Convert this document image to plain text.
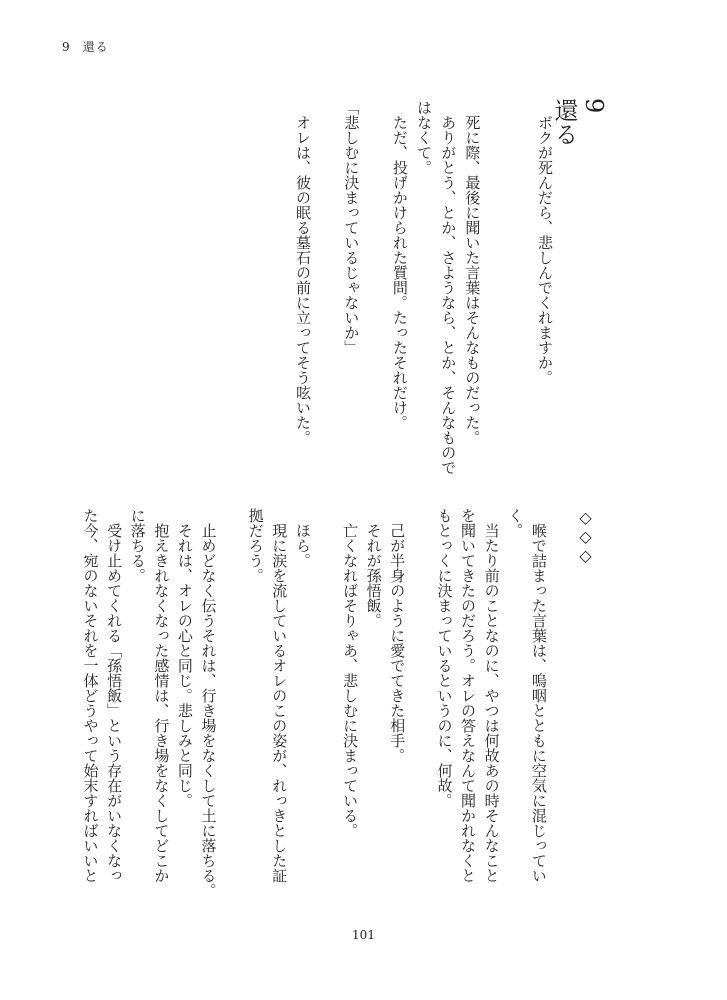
9 還る
9
還る
　ボクが死んだら、悲しんでくれますか。
　死に際、最後に聞いた言葉はそんなものだった。
　ありがとう、とか、さようなら、とか、そんなもので
はなくて。
　ただ、投げかけられた質問。たったそれだけ。
「悲しむに決まっているじゃないか」
　オレは、彼の眠る墓石の前に立ってそう呟いた。
◇◇◇
　喉で詰まった言葉は、嗚咽とともに空気に混じってい
く。
　当たり前のことなのに、やつは何故あの時そんなこと
を聞いてきたのだろう。オレの答えなんて聞かれなくと
もとっくに決まっているというのに、何故。
　己が半身のように愛でてきた相手。
　それが孫悟飯。
　亡くなればそりゃあ、悲しむに決まっている。
　ほら。
　現に涙を流しているオレのこの姿が、れっきとした証
拠だろう。
　止めどなく伝うそれは、行き場をなくして土に落ちる。
　それは、オレの心と同じ。悲しみと同じ。
　抱えきれなくなった感情は、行き場をなくしてどこか
に落ちる。
　受け止めてくれる「孫悟飯」という存在がいなくなっ
た今、宛のないそれを一体どうやって始末すればいいと
101
